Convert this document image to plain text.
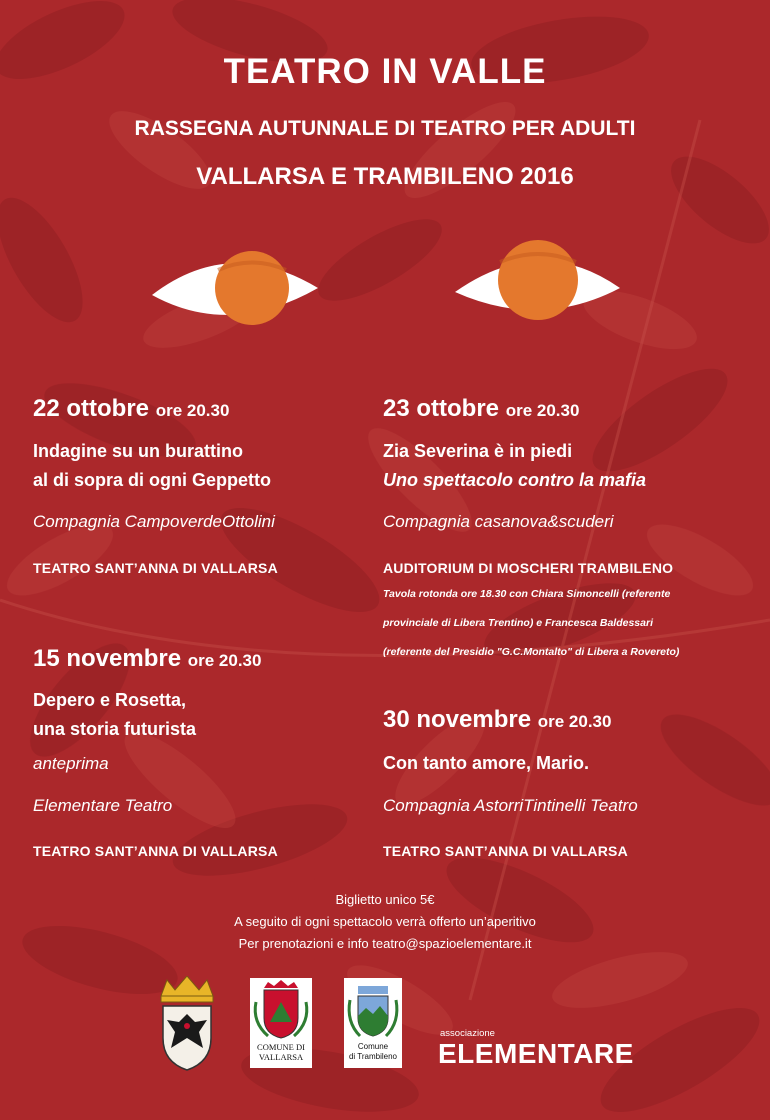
TEATRO IN VALLE
RASSEGNA AUTUNNALE DI TEATRO PER ADULTI
VALLARSA E TRAMBILENO 2016
22 ottobre ore 20.30
Indagine su un burattino
al di sopra di ogni Geppetto
Compagnia CampoverdeOttolini
TEATRO SANT’ANNA DI VALLARSA
23 ottobre ore 20.30
Zia Severina è in piedi
Uno spettacolo contro la mafia
Compagnia casanova&scuderi
AUDITORIUM DI MOSCHERI TRAMBILENO
Tavola rotonda ore 18.30 con Chiara Simoncelli (referente
provinciale di Libera Trentino) e Francesca Baldessari
(referente del Presidio "G.C.Montalto" di Libera a Rovereto)
15 novembre ore 20.30
Depero e Rosetta,
una storia futurista
anteprima
Elementare Teatro
TEATRO SANT’ANNA DI VALLARSA
30 novembre ore 20.30
Con tanto amore, Mario.
Compagnia AstorriTintinelli Teatro
TEATRO SANT’ANNA DI VALLARSA
Biglietto unico 5€
A seguito di ogni spettacolo verrà offerto un’aperitivo
Per prenotazioni e info teatro@spazioelementare.it
COMUNE DI
VALLARSA
Comune
di Trambileno
associazione
ELEMENTARE
